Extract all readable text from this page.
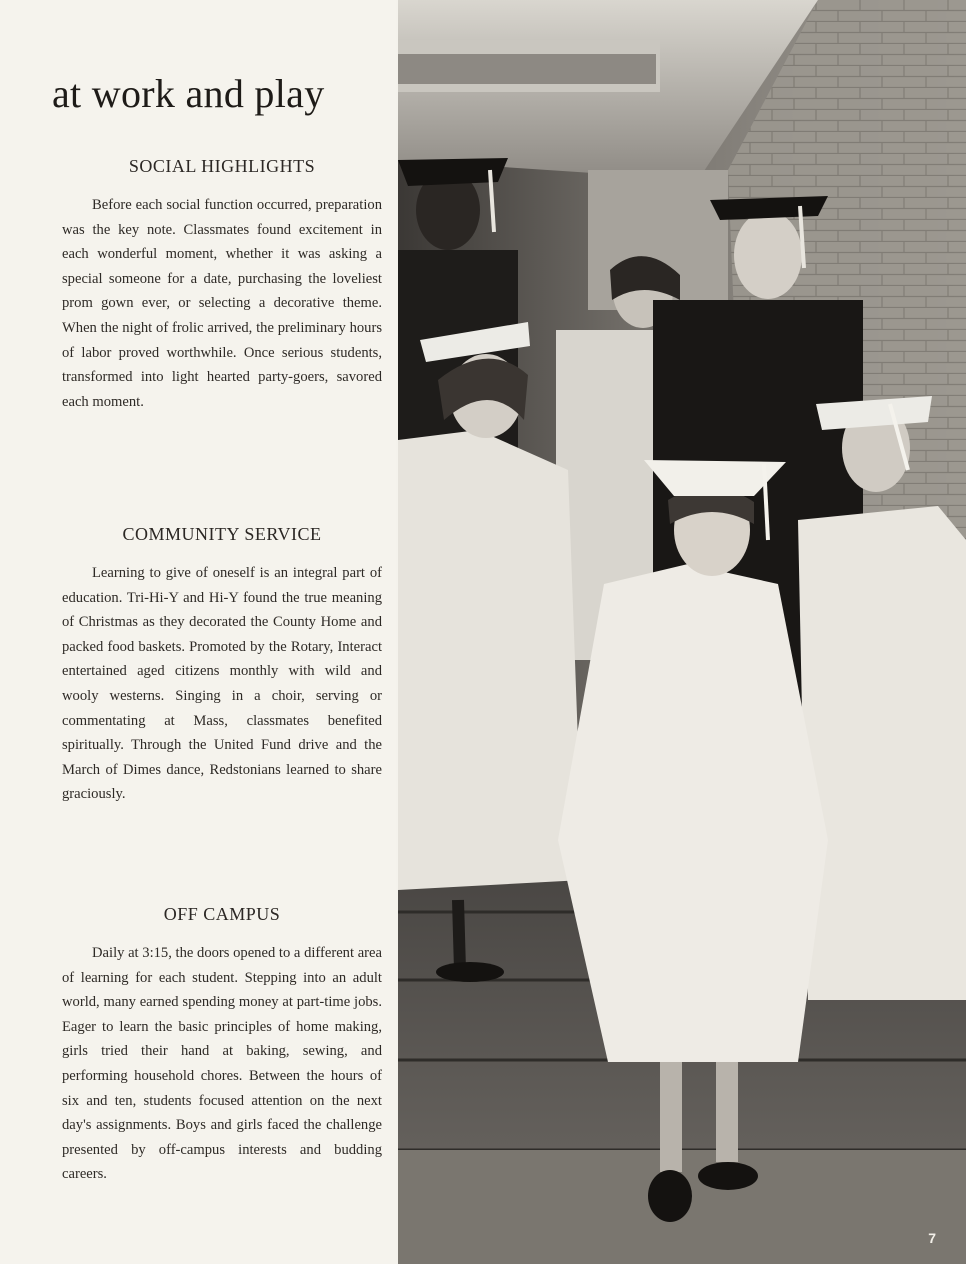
at work and play
SOCIAL HIGHLIGHTS

Before each social function occurred, preparation was the key note. Classmates found excitement in each wonderful moment, whether it was asking a special someone for a date, purchasing the loveliest prom gown ever, or selecting a decorative theme. When the night of frolic arrived, the preliminary hours of labor proved worthwhile. Once serious students, transformed into light hearted party-goers, savored each moment.

COMMUNITY SERVICE

Learning to give of oneself is an integral part of education. Tri-Hi-Y and Hi-Y found the true meaning of Christmas as they decorated the County Home and packed food baskets. Promoted by the Rotary, Interact entertained aged citizens monthly with wild and wooly westerns. Singing in a choir, serving or commentating at Mass, classmates benefited spiritually. Through the United Fund drive and the March of Dimes dance, Redstonians learned to share graciously.

OFF CAMPUS

Daily at 3:15, the doors opened to a different area of learning for each student. Stepping into an adult world, many earned spending money at part-time jobs. Eager to learn the basic principles of home making, girls tried their hand at baking, sewing, and performing household chores. Between the hours of six and ten, students focused attention on the next day's assignments. Boys and girls faced the challenge presented by off-campus interests and budding careers.

7
